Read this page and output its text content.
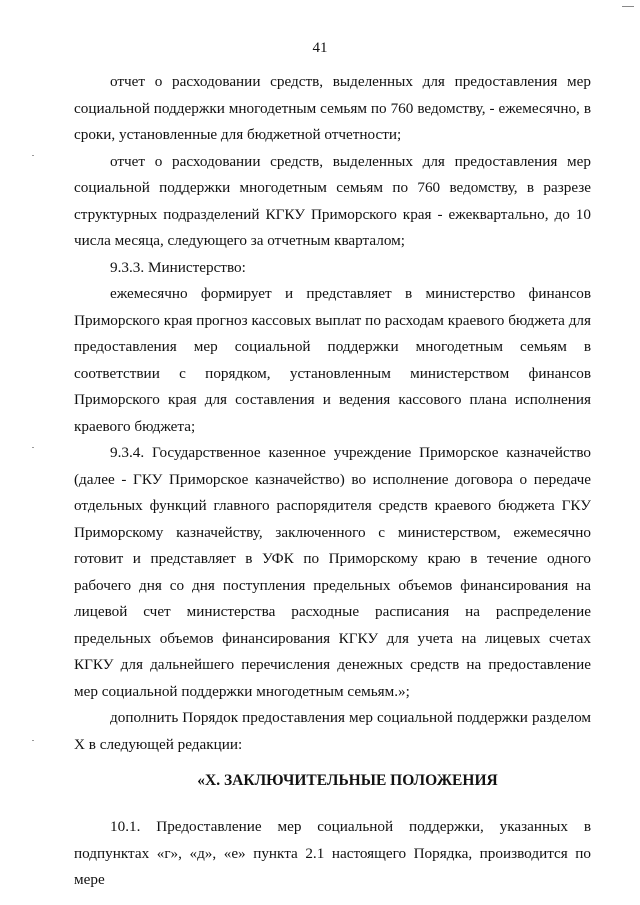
41

отчет о расходовании средств, выделенных для предоставления мер социальной поддержки многодетным семьям по 760 ведомству, - ежемесячно, в сроки, установленные для бюджетной отчетности;

отчет о расходовании средств, выделенных для предоставления мер социальной поддержки многодетным семьям по 760 ведомству, в разрезе структурных подразделений КГКУ Приморского края - ежеквартально, до 10 числа месяца, следующего за отчетным кварталом;

9.3.3. Министерство:

ежемесячно формирует и представляет в министерство финансов Приморского края прогноз кассовых выплат по расходам краевого бюджета для предоставления мер социальной поддержки многодетным семьям в соответствии с порядком, установленным министерством финансов Приморского края для составления и ведения кассового плана исполнения краевого бюджета;

9.3.4. Государственное казенное учреждение Приморское казначейство (далее - ГКУ Приморское казначейство) во исполнение договора о передаче отдельных функций главного распорядителя средств краевого бюджета ГКУ Приморскому казначейству, заключенного с министерством, ежемесячно готовит и представляет в УФК по Приморскому краю в течение одного рабочего дня со дня поступления предельных объемов финансирования на лицевой счет министерства расходные расписания на распределение предельных объемов финансирования КГКУ для учета на лицевых счетах КГКУ для дальнейшего перечисления денежных средств на предоставление мер социальной поддержки многодетным семьям.»;

дополнить Порядок предоставления мер социальной поддержки разделом X в следующей редакции:

«X. ЗАКЛЮЧИТЕЛЬНЫЕ ПОЛОЖЕНИЯ

10.1. Предоставление мер социальной поддержки, указанных в подпунктах «г», «д», «е» пункта 2.1 настоящего Порядка, производится по мере
